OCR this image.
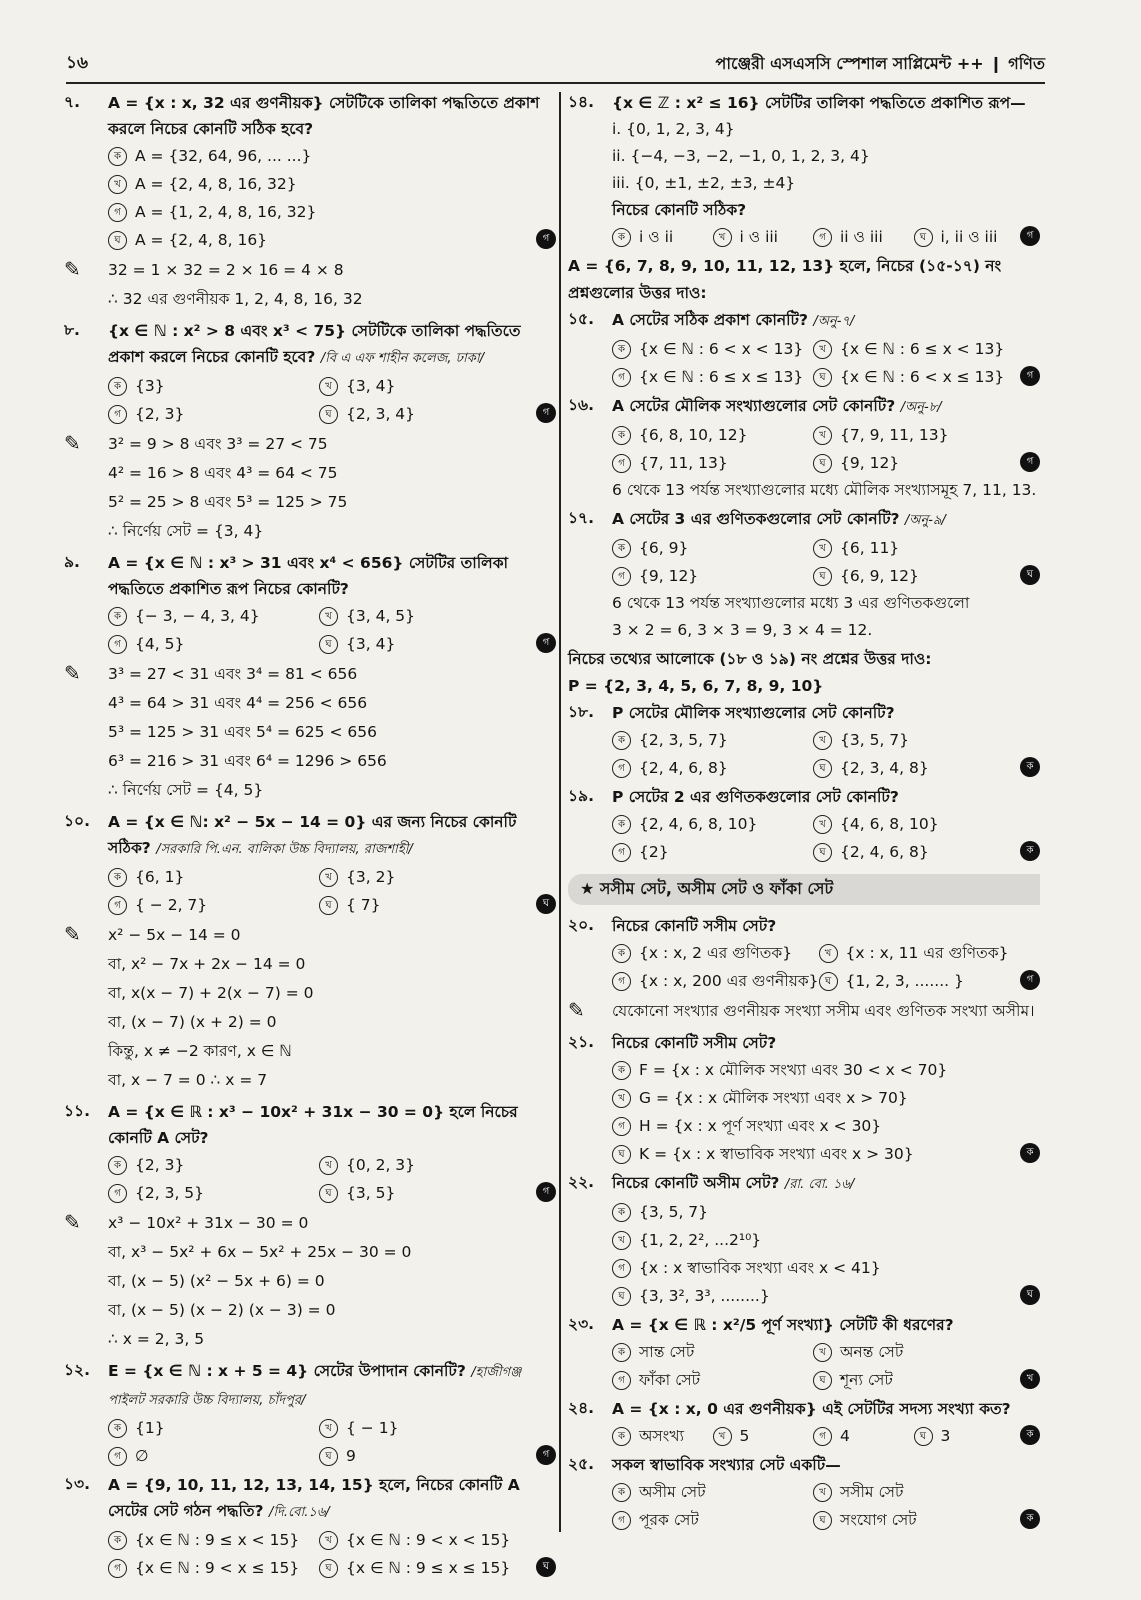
১৬	পাঞ্জেরী এসএসসি স্পেশাল সাপ্লিমেন্ট ++ ❙ গণিত
৭.	A = {x : x, 32 এর গুণনীয়ক} সেটটিকে তালিকা পদ্ধতিতে প্রকাশ করলে নিচের কোনটি সঠিক হবে?
ক A = {32, 64, 96, ... ...}
খ A = {2, 4, 8, 16, 32}
গ A = {1, 2, 4, 8, 16, 32}
ঘ A = {2, 4, 8, 16}	গ
✎	32 = 1 × 32 = 2 × 16 = 4 × 8
∴ 32 এর গুণনীয়ক 1, 2, 4, 8, 16, 32
৮.	{x ∈ ℕ : x² > 8 এবং x³ < 75} সেটটিকে তালিকা পদ্ধতিতে প্রকাশ করলে নিচের কোনটি হবে? /বি এ এফ শাহীন কলেজ, ঢাকা/
ক {3}	খ {3, 4}
গ {2, 3}	ঘ {2, 3, 4}	গ
✎	3² = 9 > 8 এবং 3³ = 27 < 75
4² = 16 > 8 এবং 4³ = 64 < 75
5² = 25 > 8 এবং 5³ = 125 > 75
∴ নির্ণেয় সেট = {3, 4}
৯.	A = {x ∈ ℕ : x³ > 31 এবং x⁴ < 656} সেটটির তালিকা পদ্ধতিতে প্রকাশিত রূপ নিচের কোনটি?
ক {− 3, − 4, 3, 4}	খ {3, 4, 5}
গ {4, 5}	ঘ {3, 4}	গ
✎	3³ = 27 < 31 এবং 3⁴ = 81 < 656
4³ = 64 > 31 এবং 4⁴ = 256 < 656
5³ = 125 > 31 এবং 5⁴ = 625 < 656
6³ = 216 > 31 এবং 6⁴ = 1296 > 656
∴ নির্ণেয় সেট = {4, 5}
১০.	A = {x ∈ ℕ: x² − 5x − 14 = 0} এর জন্য নিচের কোনটি সঠিক? /সরকারি পি.এন. বালিকা উচ্চ বিদ্যালয়, রাজশাহী/
ক {6, 1}	খ {3, 2}
গ { − 2, 7}	ঘ { 7}	ঘ
✎	x² − 5x − 14 = 0
বা, x² − 7x + 2x − 14 = 0
বা, x(x − 7) + 2(x − 7) = 0
বা, (x − 7) (x + 2) = 0
কিন্তু, x ≠ −2 কারণ, x ∈ ℕ
বা, x − 7 = 0 ∴ x = 7
১১.	A = {x ∈ ℝ : x³ − 10x² + 31x − 30 = 0} হলে নিচের কোনটি A সেট?
ক {2, 3}	খ {0, 2, 3}
গ {2, 3, 5}	ঘ {3, 5}	গ
✎	x³ − 10x² + 31x − 30 = 0
বা, x³ − 5x² + 6x − 5x² + 25x − 30 = 0
বা, (x − 5) (x² − 5x + 6) = 0
বা, (x − 5) (x − 2) (x − 3) = 0
∴ x = 2, 3, 5
১২.	E = {x ∈ ℕ : x + 5 = 4} সেটের উপাদান কোনটি? /হাজীগঞ্জ পাইলট সরকারি উচ্চ বিদ্যালয়, চাঁদপুর/
ক {1}	খ { − 1}
গ ∅	ঘ 9	গ
১৩.	A = {9, 10, 11, 12, 13, 14, 15} হলে, নিচের কোনটি A সেটের সেট গঠন পদ্ধতি? /দি.বো.১৬/
ক {x ∈ ℕ : 9 ≤ x < 15}	খ {x ∈ ℕ : 9 < x < 15}
গ {x ∈ ℕ : 9 < x ≤ 15}	ঘ {x ∈ ℕ : 9 ≤ x ≤ 15}	ঘ
১৪.	{x ∈ ℤ : x² ≤ 16} সেটটির তালিকা পদ্ধতিতে প্রকাশিত রূপ—
i. {0, 1, 2, 3, 4}
ii. {−4, −3, −2, −1, 0, 1, 2, 3, 4}
iii. {0, ±1, ±2, ±3, ±4}
নিচের কোনটি সঠিক?
ক i ও ii	খ i ও iii	গ ii ও iii	ঘ i, ii ও iii	গ
A = {6, 7, 8, 9, 10, 11, 12, 13} হলে, নিচের (১৫-১৭) নং প্রশ্নগুলোর উত্তর দাও:
১৫.	A সেটের সঠিক প্রকাশ কোনটি? /অনু-৭/
ক {x ∈ ℕ : 6 < x < 13}	খ {x ∈ ℕ : 6 ≤ x < 13}
গ {x ∈ ℕ : 6 ≤ x ≤ 13}	ঘ {x ∈ ℕ : 6 < x ≤ 13}	গ
১৬.	A সেটের মৌলিক সংখ্যাগুলোর সেট কোনটি? /অনু-৮/
ক {6, 8, 10, 12}	খ {7, 9, 11, 13}
গ {7, 11, 13}	ঘ {9, 12}	গ
6 থেকে 13 পর্যন্ত সংখ্যাগুলোর মধ্যে মৌলিক সংখ্যাসমূহ 7, 11, 13.
১৭.	A সেটের 3 এর গুণিতকগুলোর সেট কোনটি? /অনু-৯/
ক {6, 9}	খ {6, 11}
গ {9, 12}	ঘ {6, 9, 12}	ঘ
6 থেকে 13 পর্যন্ত সংখ্যাগুলোর মধ্যে 3 এর গুণিতকগুলো
3 × 2 = 6, 3 × 3 = 9, 3 × 4 = 12.
নিচের তথ্যের আলোকে (১৮ ও ১৯) নং প্রশ্নের উত্তর দাও:
P = {2, 3, 4, 5, 6, 7, 8, 9, 10}
১৮.	P সেটের মৌলিক সংখ্যাগুলোর সেট কোনটি?
ক {2, 3, 5, 7}	খ {3, 5, 7}
গ {2, 4, 6, 8}	ঘ {2, 3, 4, 8}	ক
১৯.	P সেটের 2 এর গুণিতকগুলোর সেট কোনটি?
ক {2, 4, 6, 8, 10}	খ {4, 6, 8, 10}
গ {2}	ঘ {2, 4, 6, 8}	ক
★ সসীম সেট, অসীম সেট ও ফাঁকা সেট
২০.	নিচের কোনটি সসীম সেট?
ক {x : x, 2 এর গুণিতক}	খ {x : x, 11 এর গুণিতক}
গ {x : x, 200 এর গুণনীয়ক} ঘ {1, 2, 3, ....... }	গ
✎	যেকোনো সংখ্যার গুণনীয়ক সংখ্যা সসীম এবং গুণিতক সংখ্যা অসীম।
২১.	নিচের কোনটি সসীম সেট?
ক F = {x : x মৌলিক সংখ্যা এবং 30 < x < 70}
খ G = {x : x মৌলিক সংখ্যা এবং x > 70}
গ H = {x : x পূর্ণ সংখ্যা এবং x < 30}
ঘ K = {x : x স্বাভাবিক সংখ্যা এবং x > 30}	ক
২২.	নিচের কোনটি অসীম সেট? /রা. বো. ১৬/
ক {3, 5, 7}
খ {1, 2, 2², ...2¹⁰}
গ {x : x স্বাভাবিক সংখ্যা এবং x < 41}
ঘ {3, 3², 3³, ........}	ঘ
২৩.	A = {x ∈ ℝ : x²/5 পূর্ণ সংখ্যা} সেটটি কী ধরণের?
ক সান্ত সেট	খ অনন্ত সেট
গ ফাঁকা সেট	ঘ শূন্য সেট	খ
২৪.	A = {x : x, 0 এর গুণনীয়ক} এই সেটটির সদস্য সংখ্যা কত?
ক অসংখ্য	খ 5	গ 4	ঘ 3	ক
২৫.	সকল স্বাভাবিক সংখ্যার সেট একটি—
ক অসীম সেট	খ সসীম সেট
গ পূরক সেট	ঘ সংযোগ সেট	ক
